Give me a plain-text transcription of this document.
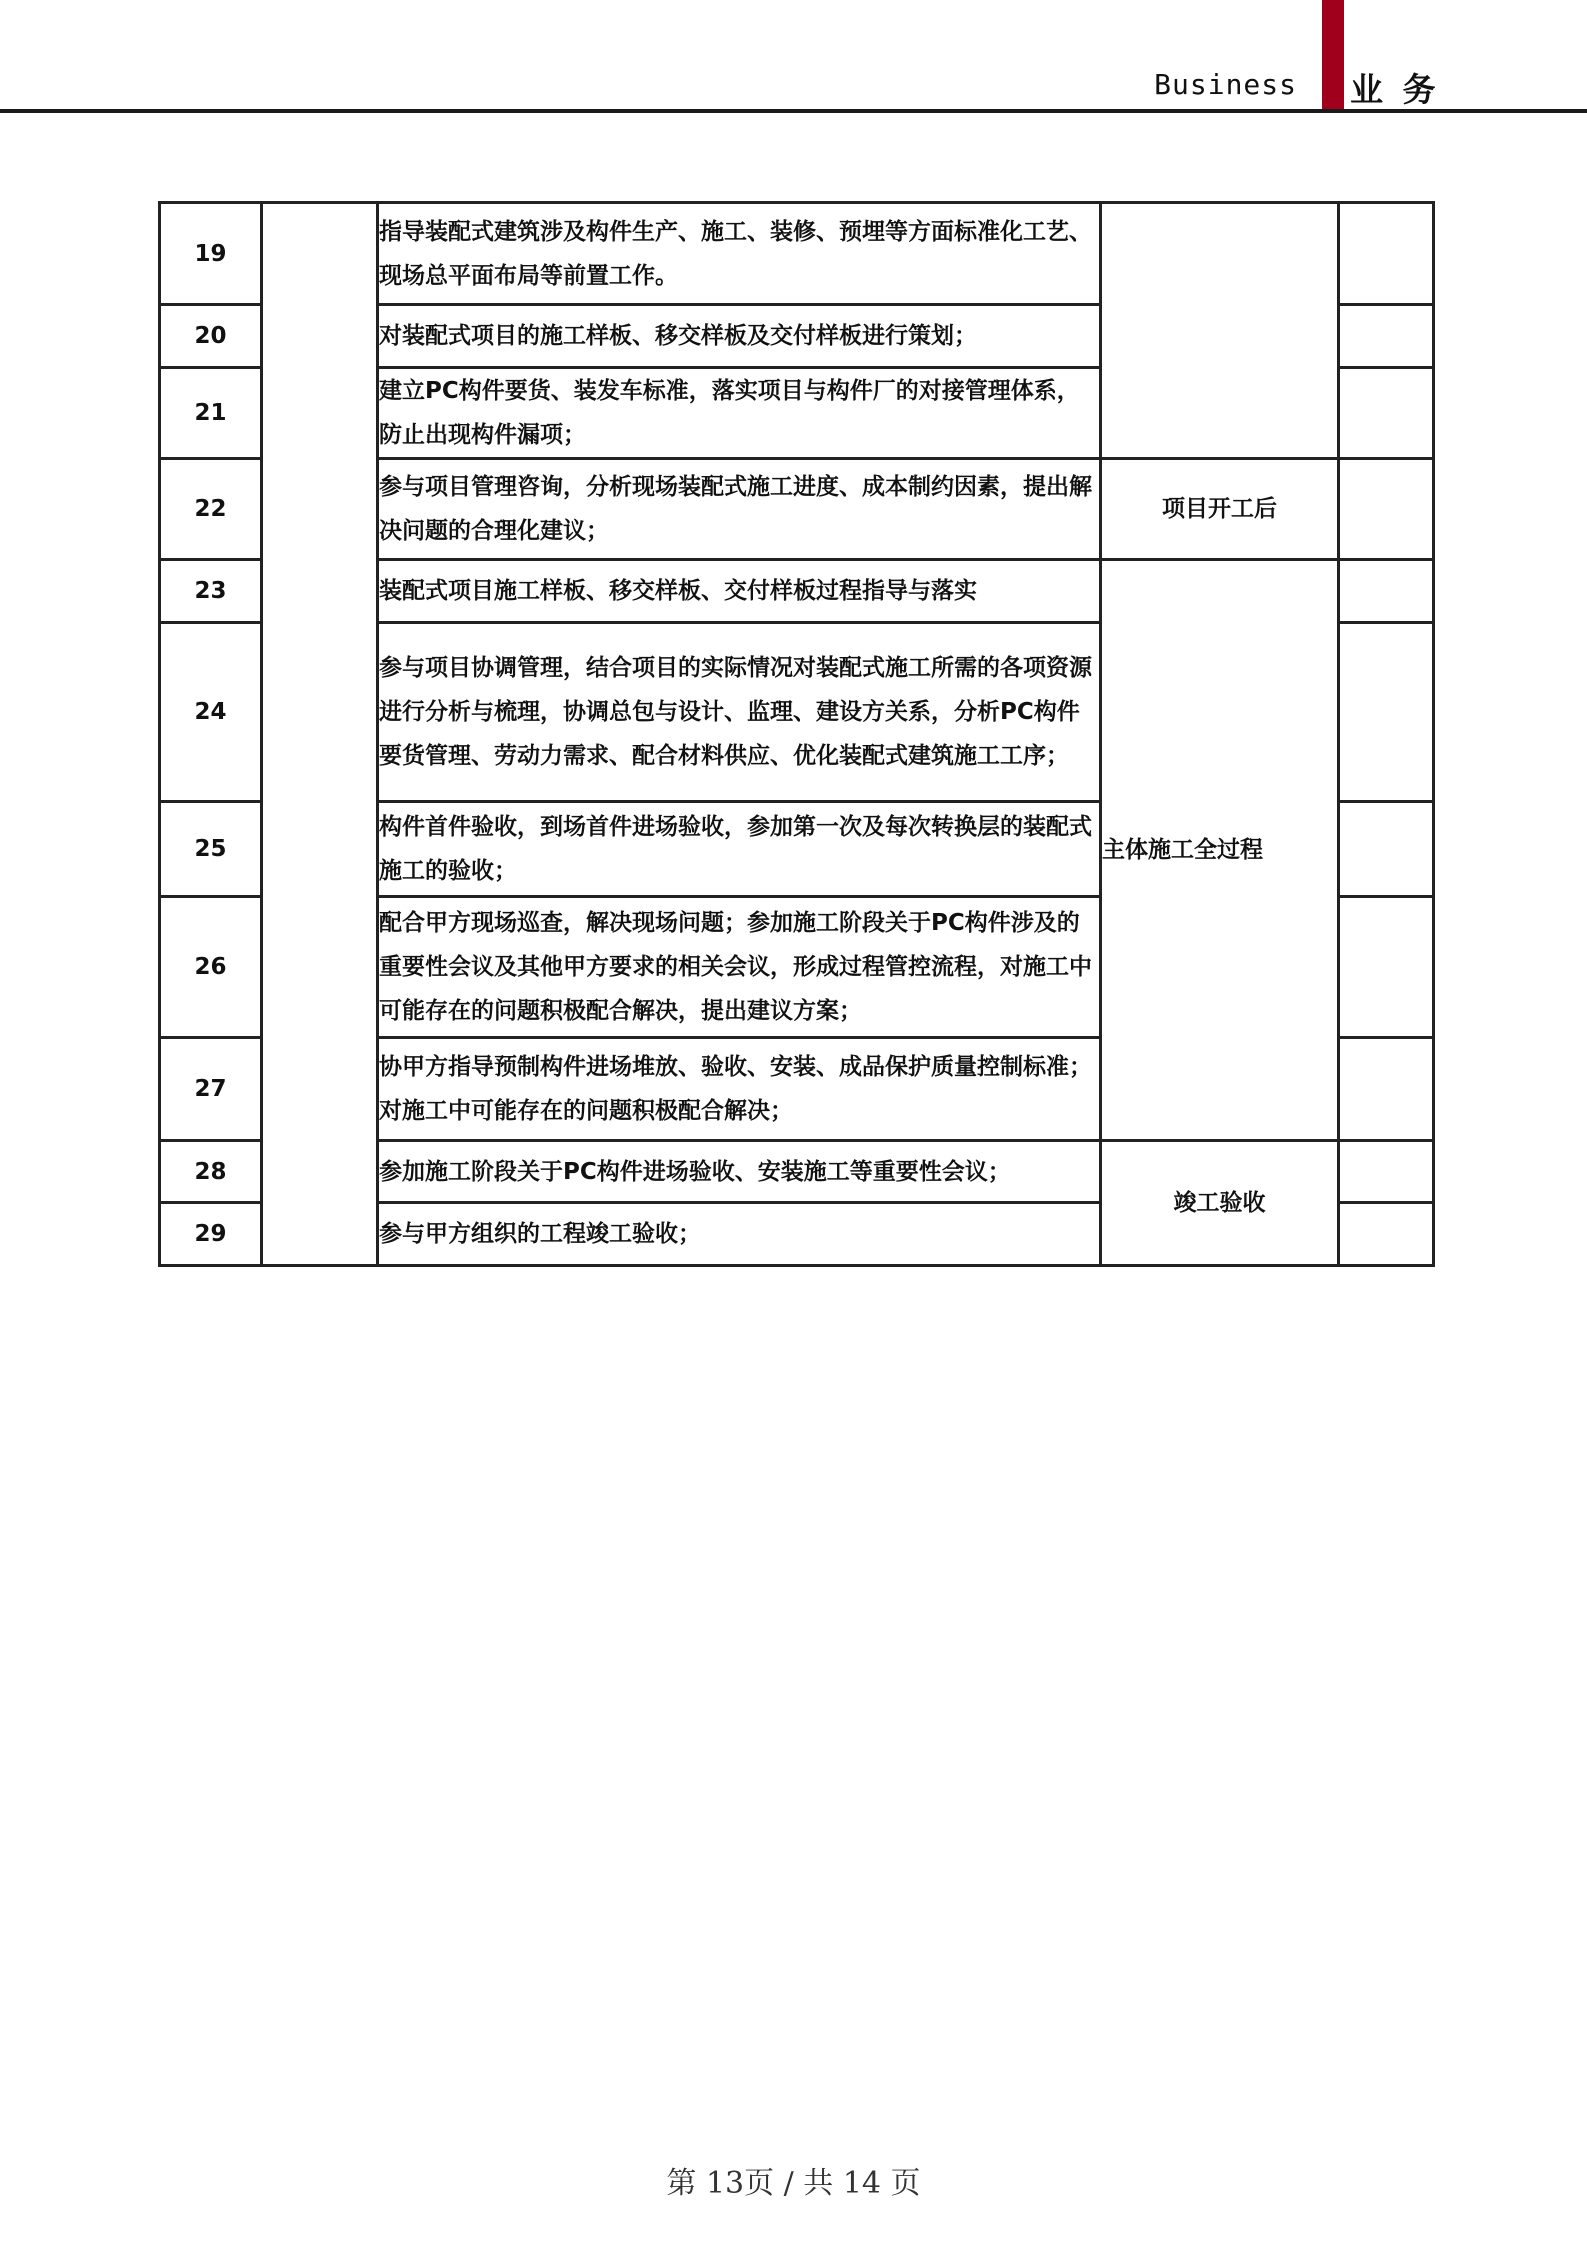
Business 业 务
19		指导装配式建筑涉及构件生产、施工、装修、预埋等方面标准化工艺、现场总平面布局等前置工作。		
20		对装配式项目的施工样板、移交样板及交付样板进行策划；		
21		建立PC构件要货、装发车标准，落实项目与构件厂的对接管理体系，防止出现构件漏项；		
22		参与项目管理咨询，分析现场装配式施工进度、成本制约因素，提出解决问题的合理化建议；	项目开工后	
23		装配式项目施工样板、移交样板、交付样板过程指导与落实	主体施工全过程	
24		参与项目协调管理，结合项目的实际情况对装配式施工所需的各项资源进行分析与梳理，协调总包与设计、监理、建设方关系，分析PC构件要货管理、劳动力需求、配合材料供应、优化装配式建筑施工工序；		
25		构件首件验收，到场首件进场验收，参加第一次及每次转换层的装配式施工的验收；		
26		配合甲方现场巡查，解决现场问题；参加施工阶段关于PC构件涉及的重要性会议及其他甲方要求的相关会议，形成过程管控流程，对施工中可能存在的问题积极配合解决，提出建议方案；		
27		协甲方指导预制构件进场堆放、验收、安装、成品保护质量控制标准；对施工中可能存在的问题积极配合解决；		
28		参加施工阶段关于PC构件进场验收、安装施工等重要性会议；	竣工验收	
29		参与甲方组织的工程竣工验收；		
第 13页 / 共 14 页
